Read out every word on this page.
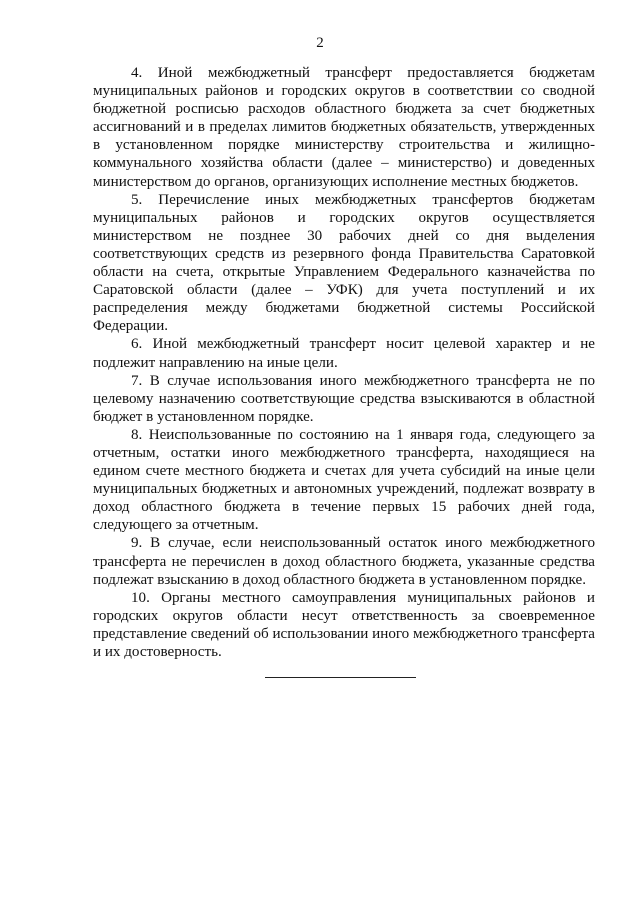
2

4. Иной межбюджетный трансферт предоставляется бюджетам муниципальных районов и городских округов в соответствии со сводной бюджетной росписью расходов областного бюджета за счет бюджетных ассигнований и в пределах лимитов бюджетных обязательств, утвержденных в установленном порядке министерству строительства и жилищно-коммунального хозяйства области (далее – министерство) и доведенных министерством до органов, организующих исполнение местных бюджетов.

5. Перечисление иных межбюджетных трансфертов бюджетам муниципальных районов и городских округов осуществляется министерством не позднее 30 рабочих дней со дня выделения соответствующих средств из резервного фонда Правительства Саратовкой области на счета, открытые Управлением Федерального казначейства по Саратовской области (далее – УФК) для учета поступлений и их распределения между бюджетами бюджетной системы Российской Федерации.

6. Иной межбюджетный трансферт носит целевой характер и не подлежит направлению на иные цели.

7. В случае использования иного межбюджетного трансферта не по целевому назначению соответствующие средства взыскиваются в областной бюджет в установленном порядке.

8. Неиспользованные по состоянию на 1 января года, следующего за отчетным, остатки иного межбюджетного трансферта, находящиеся на едином счете местного бюджета и счетах для учета субсидий на иные цели муниципальных бюджетных и автономных учреждений, подлежат возврату в доход областного бюджета в течение первых 15 рабочих дней года, следующего за отчетным.

9. В случае, если неиспользованный остаток иного межбюджетного трансферта не перечислен в доход областного бюджета, указанные средства подлежат взысканию в доход областного бюджета в установленном порядке.

10. Органы местного самоуправления муниципальных районов и городских округов области несут ответственность за своевременное представление сведений об использовании иного межбюджетного трансферта и их достоверность.
